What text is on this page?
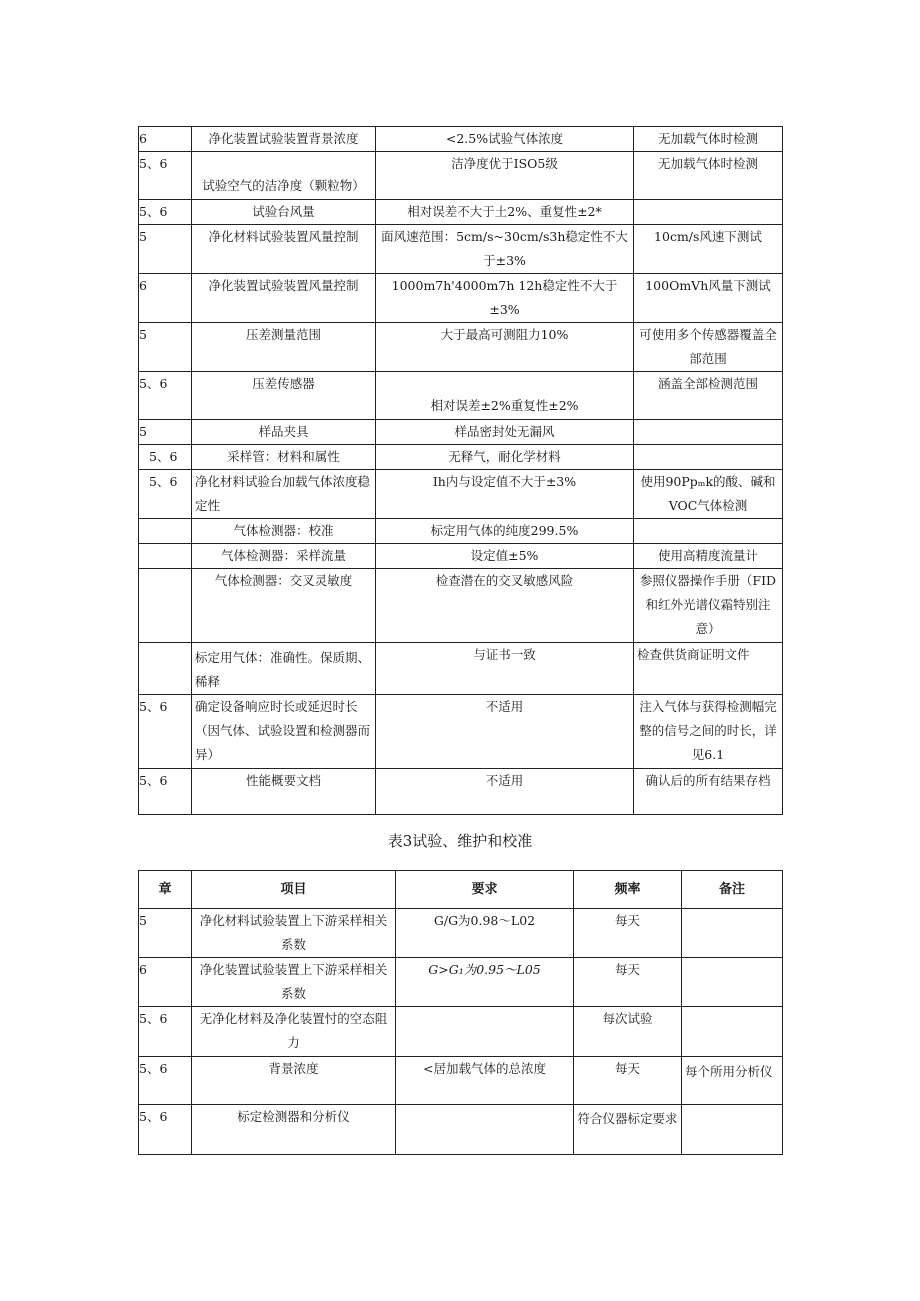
6	净化装置试验装置背景浓度	<2.5%试验气体浓度	无加载气体时检测
5、6	试验空气的洁净度（颗粒物）	洁净度优于ISO5级	无加载气体时检测
5、6	试验台风量	相对误差不大于土2%、重复性±2*	
5	净化材料试验装置风量控制	面风速范围：5cm∕s~30cm/s3h稳定性不大于±3%	10cm∕s风速下测试
6	净化装置试验装置风量控制	1000m7h'4000m7h 12h稳定性不大于±3%	100OmVh风量下测试
5	压差测量范围	大于最高可测阻力10%	可使用多个传感器覆盖全部范围
5、6	压差传感器	相对误差±2%重复性±2%	涵盖全部检测范围
5	样品夹具	样品密封处无漏风	
5、6	采样管：材料和属性	无释气，耐化学材料	
5、6	净化材料试验台加载气体浓度稳定性	Ih内与设定值不大于±3%	使用90Ppₘk的酸、碱和VOC气体检测
	气体检测器：校准	标定用气体的纯度299.5%	
	气体检测器：采样流量	设定值±5%	使用高精度流量计
	气体检测器：交叉灵敏度	检查潜在的交叉敏感风险	参照仪器操作手册（FID和红外光谱仪霜特别注意）
	标定用气体：准确性。保质期、稀释	与证书一致	检查供货商证明文件
5、6	确定设备响应时长或延迟时长（因气体、试验设置和检测器而异）	不适用	注入气体与获得检测幅完整的信号之间的时长，详见6.1
5、6	性能概要文档	不适用	确认后的所有结果存档
表3试验、维护和校准
章	项目	要求	频率	备注
5	净化材料试验装置上下游采样相关系数	G/G为0.98～L02	每天	
6	净化装置试验装置上下游采样相关系数	G>G₁为0.95～L05	每天	
5、6	无净化材料及净化装置忖的空态阻力		每次试验	
5、6	背景浓度	<居加载气体的总浓度	每天	每个所用分析仪
5、6	标定检测器和分析仪		符合仪器标定要求	
